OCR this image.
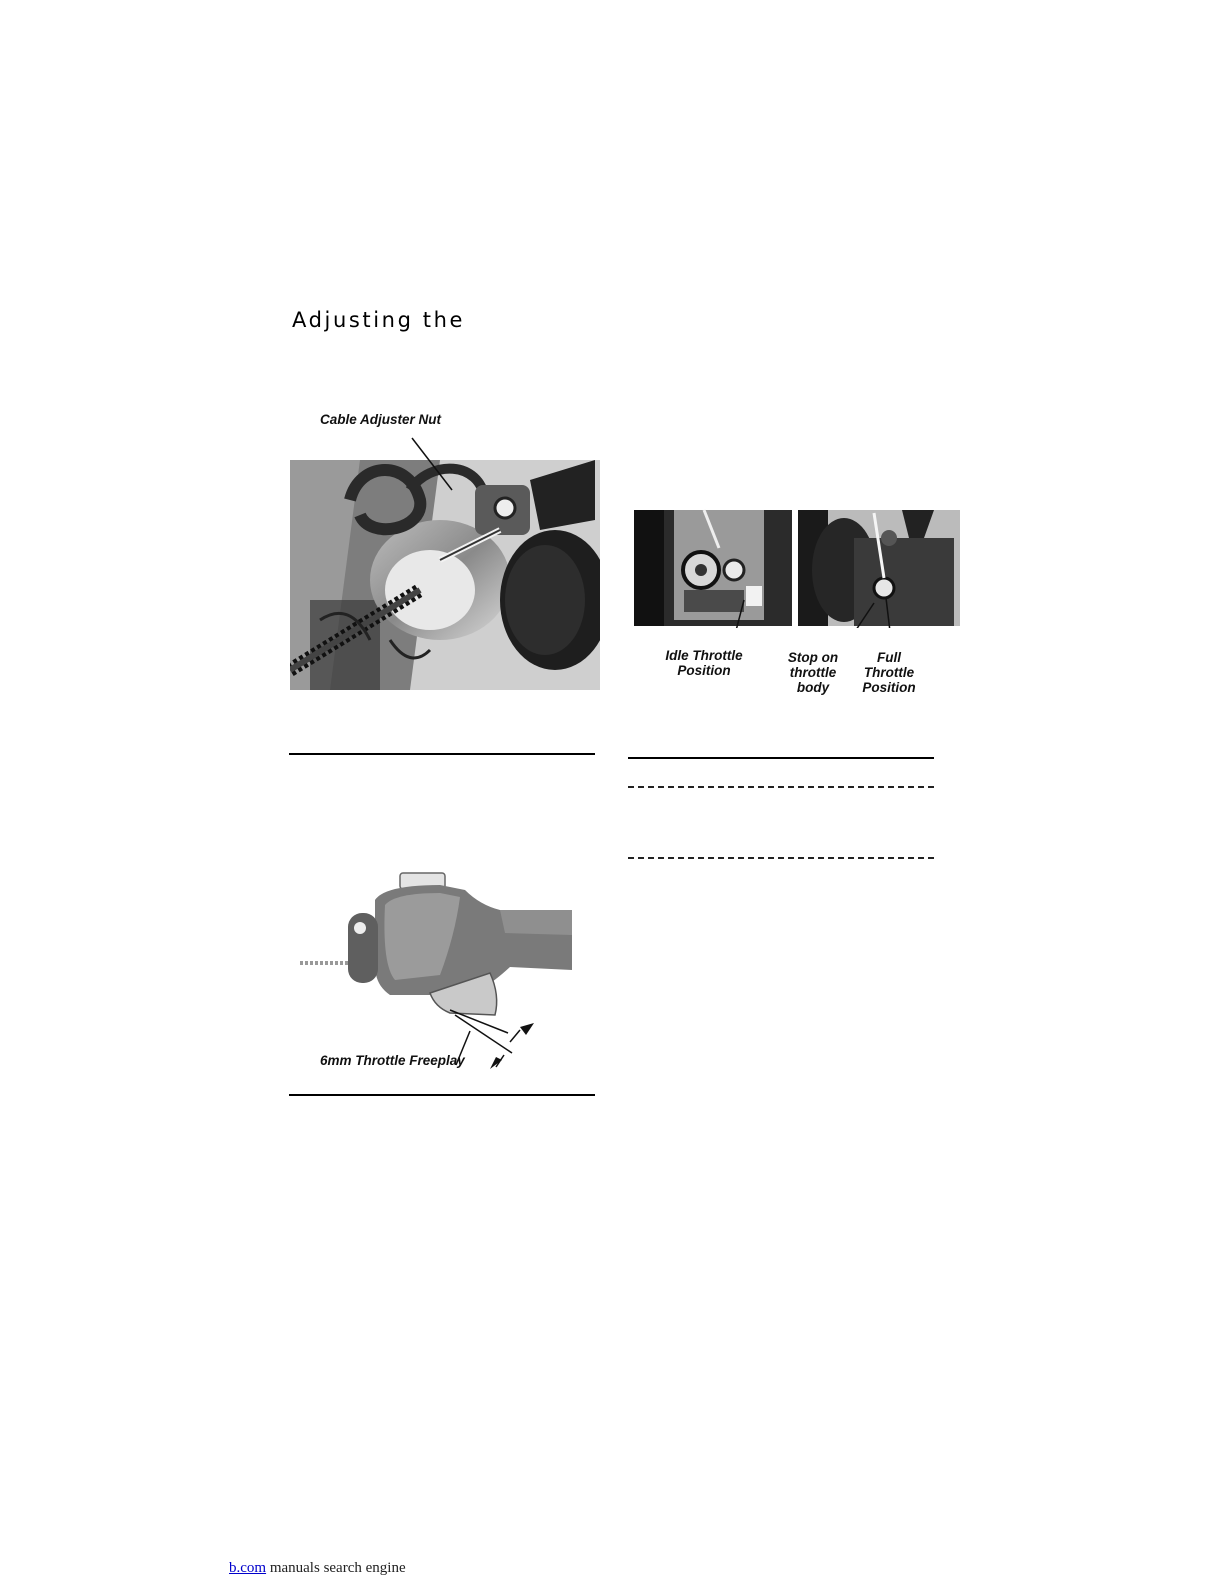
Adjusting the
Cable Adjuster Nut
Idle Throttle
Position
Stop on
throttle
body
Full
Throttle
Position
6mm Throttle Freeplay
b.com manuals search engine
